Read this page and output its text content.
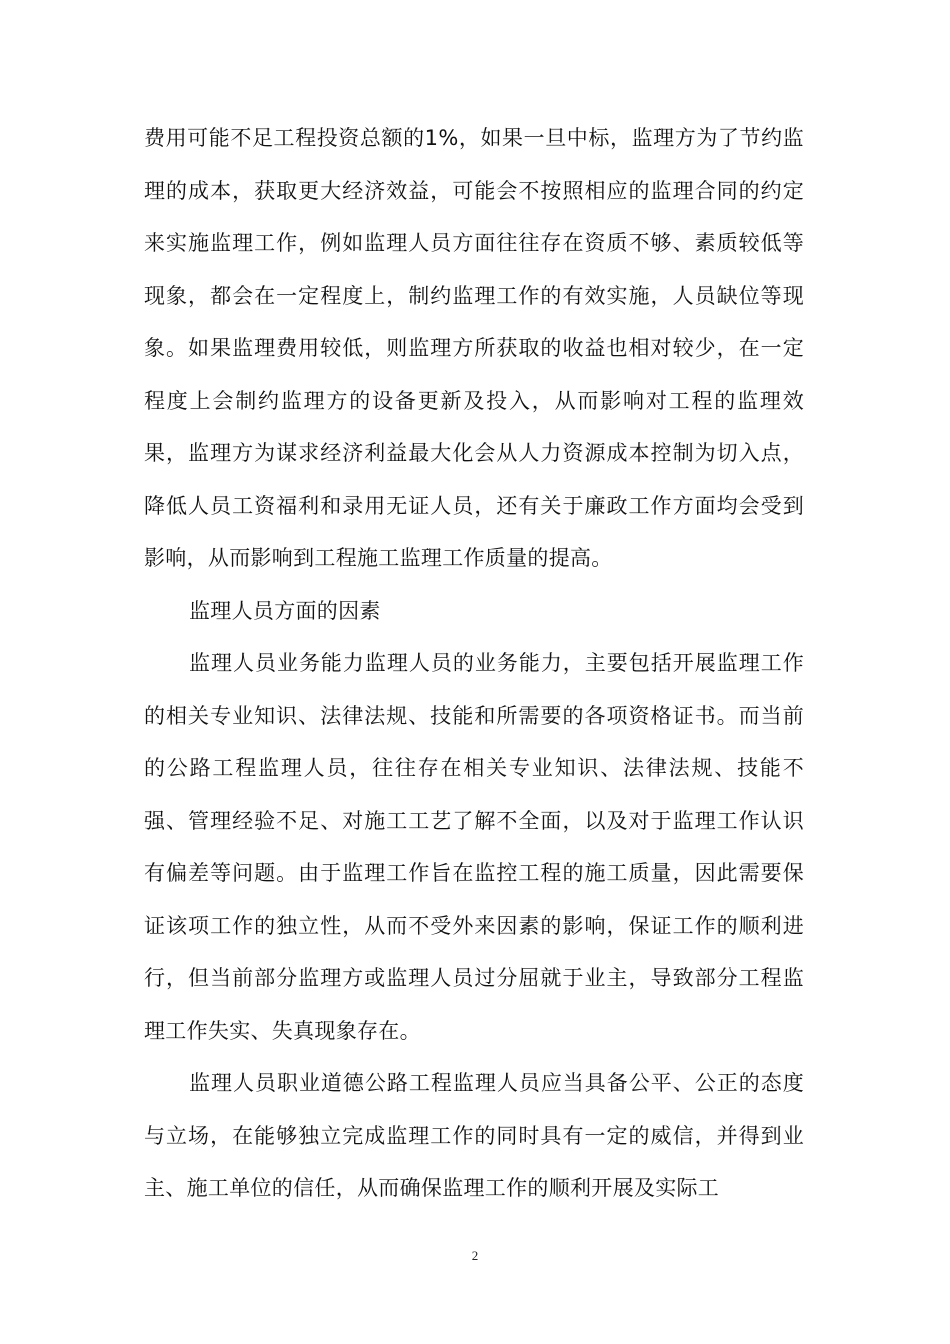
费用可能不足工程投资总额的1%，如果一旦中标，监理方为了节约监理的成本，获取更大经济效益，可能会不按照相应的监理合同的约定来实施监理工作，例如监理人员方面往往存在资质不够、素质较低等现象，都会在一定程度上，制约监理工作的有效实施，人员缺位等现象。如果监理费用较低，则监理方所获取的收益也相对较少，在一定程度上会制约监理方的设备更新及投入，从而影响对工程的监理效果，监理方为谋求经济利益最大化会从人力资源成本控制为切入点，降低人员工资福利和录用无证人员，还有关于廉政工作方面均会受到影响，从而影响到工程施工监理工作质量的提高。

监理人员方面的因素

监理人员业务能力监理人员的业务能力，主要包括开展监理工作的相关专业知识、法律法规、技能和所需要的各项资格证书。而当前的公路工程监理人员，往往存在相关专业知识、法律法规、技能不强、管理经验不足、对施工工艺了解不全面，以及对于监理工作认识有偏差等问题。由于监理工作旨在监控工程的施工质量，因此需要保证该项工作的独立性，从而不受外来因素的影响，保证工作的顺利进行，但当前部分监理方或监理人员过分屈就于业主，导致部分工程监理工作失实、失真现象存在。

监理人员职业道德公路工程监理人员应当具备公平、公正的态度与立场，在能够独立完成监理工作的同时具有一定的威信，并得到业主、施工单位的信任，从而确保监理工作的顺利开展及实际工

2
